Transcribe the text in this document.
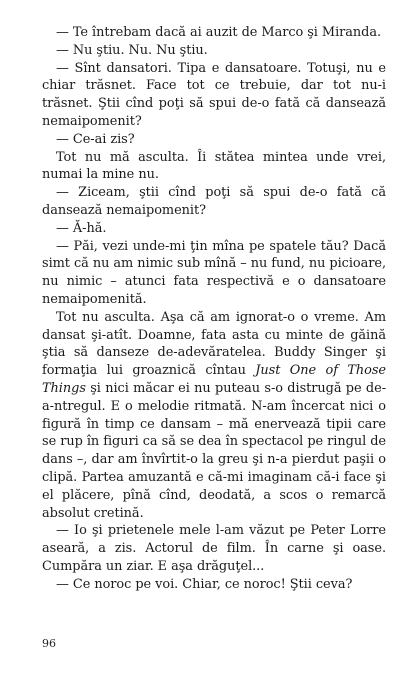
— Te întrebam dacă ai auzit de Marco şi Miranda.

— Nu ştiu. Nu. Nu ştiu.

— Sînt dansatori. Tipa e dansatoare. Totuşi, nu e chiar trăsnet. Face tot ce trebuie, dar tot nu-i trăsnet. Ştii cînd poţi să spui de-o fată că dansează nemaipomenit?

— Ce-ai zis?

Tot nu mă asculta. Îi stătea mintea unde vrei, numai la mine nu.

— Ziceam, ştii cînd poţi să spui de-o fată că dansează nemaipomenit?

— Ă-hă.

— Păi, vezi unde-mi ţin mîna pe spatele tău? Dacă simt că nu am nimic sub mînă – nu fund, nu picioare, nu nimic – atunci fata respectivă e o dansatoare nemaipomenită.

Tot nu asculta. Aşa că am ignorat-o o vreme. Am dansat şi-atît. Doamne, fata asta cu minte de găină ştia să danseze de-adevăratelea. Buddy Singer şi formaţia lui groaznică cîntau Just One of Those Things şi nici măcar ei nu puteau s-o distrugă pe de-a-ntregul. E o melodie ritmată. N-am încercat nici o figură în timp ce dansam – mă enervează tipii care se rup în figuri ca să se dea în spectacol pe ringul de dans –, dar am învîrtit-o la greu şi n-a pierdut paşii o clipă. Partea amuzantă e că-mi imaginam că-i face şi el plăcere, pînă cînd, deodată, a scos o remarcă absolut cretină.

— Io şi prietenele mele l-am văzut pe Peter Lorre aseară, a zis. Actorul de film. În carne şi oase. Cumpăra un ziar. E aşa drăguţel...

— Ce noroc pe voi. Chiar, ce noroc! Ştii ceva?

96
